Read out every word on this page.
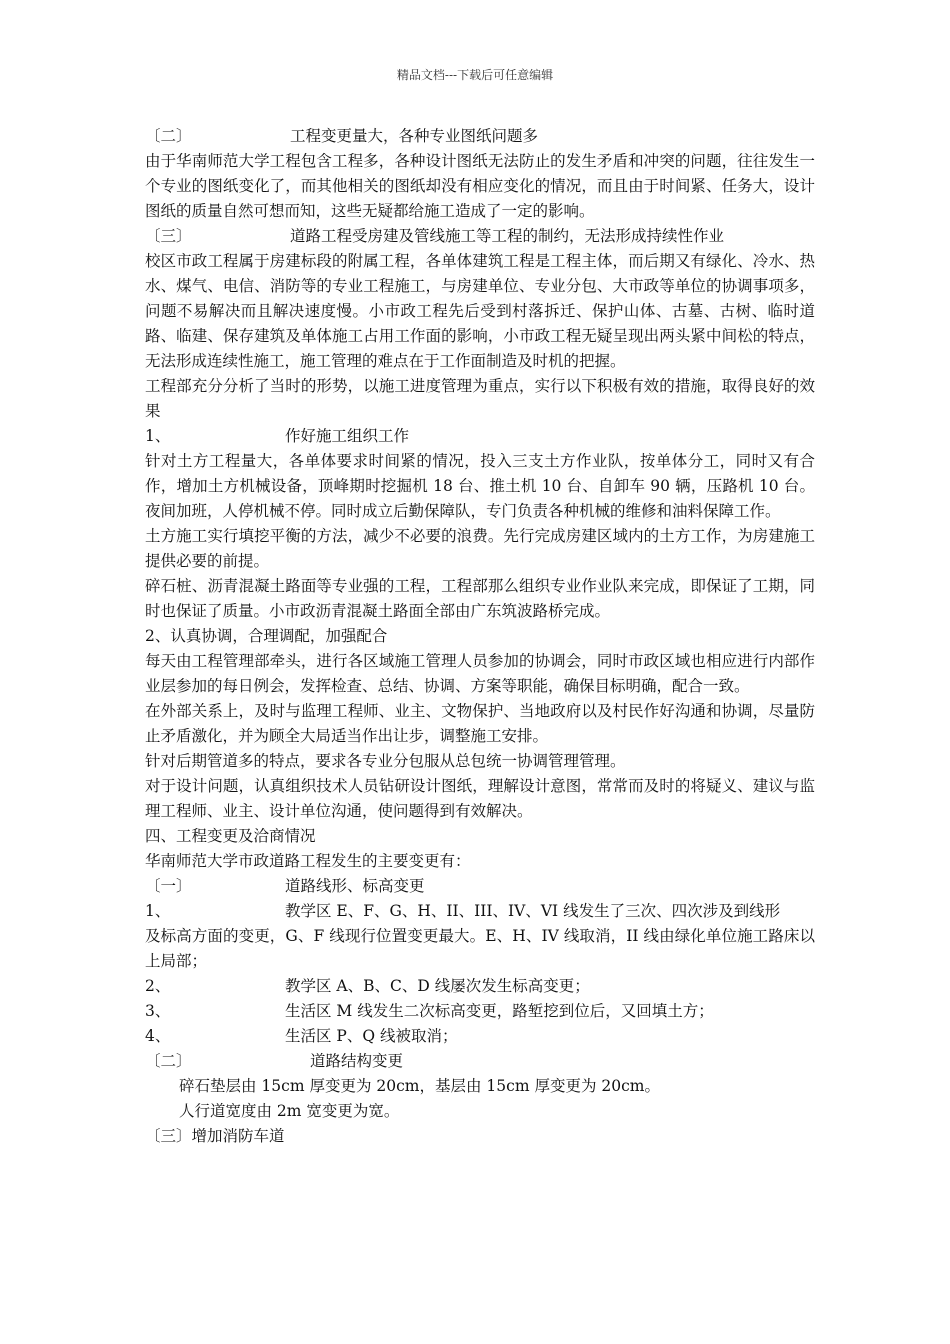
精品文档---下载后可任意编辑
〔二〕	工程变更量大，各种专业图纸问题多
由于华南师范大学工程包含工程多，各种设计图纸无法防止的发生矛盾和冲突的问题，往往发生一个专业的图纸变化了，而其他相关的图纸却没有相应变化的情况，而且由于时间紧、任务大，设计图纸的质量自然可想而知，这些无疑都给施工造成了一定的影响。
〔三〕	道路工程受房建及管线施工等工程的制约，无法形成持续性作业
校区市政工程属于房建标段的附属工程，各单体建筑工程是工程主体，而后期又有绿化、冷水、热水、煤气、电信、消防等的专业工程施工，与房建单位、专业分包、大市政等单位的协调事项多，问题不易解决而且解决速度慢。小市政工程先后受到村落拆迁、保护山体、古墓、古树、临时道路、临建、保存建筑及单体施工占用工作面的影响，小市政工程无疑呈现出两头紧中间松的特点，无法形成连续性施工，施工管理的难点在于工作面制造及时机的把握。
工程部充分分析了当时的形势，以施工进度管理为重点，实行以下积极有效的措施，取得良好的效果
1、	作好施工组织工作
针对土方工程量大，各单体要求时间紧的情况，投入三支土方作业队，按单体分工，同时又有合作，增加土方机械设备，顶峰期时挖掘机 18 台、推土机 10 台、自卸车 90 辆，压路机 10 台。夜间加班，人停机械不停。同时成立后勤保障队，专门负责各种机械的维修和油料保障工作。
土方施工实行填挖平衡的方法，减少不必要的浪费。先行完成房建区域内的土方工作，为房建施工提供必要的前提。
碎石桩、沥青混凝土路面等专业强的工程，工程部那么组织专业作业队来完成，即保证了工期，同时也保证了质量。小市政沥青混凝土路面全部由广东筑波路桥完成。
2、认真协调，合理调配，加强配合
每天由工程管理部牵头，进行各区域施工管理人员参加的协调会，同时市政区域也相应进行内部作业层参加的每日例会，发挥检查、总结、协调、方案等职能，确保目标明确，配合一致。
在外部关系上，及时与监理工程师、业主、文物保护、当地政府以及村民作好沟通和协调，尽量防止矛盾激化，并为顾全大局适当作出让步，调整施工安排。
针对后期管道多的特点，要求各专业分包服从总包统一协调管理管理。
对于设计问题，认真组织技术人员钻研设计图纸，理解设计意图，常常而及时的将疑义、建议与监理工程师、业主、设计单位沟通，使问题得到有效解决。
四、工程变更及洽商情况
华南师范大学市政道路工程发生的主要变更有：
〔一〕	道路线形、标高变更
1、	教学区 E、F、G、H、II、III、IV、VI 线发生了三次、四次涉及到线形
及标高方面的变更，G、F 线现行位置变更最大。E、H、IV 线取消，II 线由绿化单位施工路床以上局部；
2、	教学区 A、B、C、D 线屡次发生标高变更；
3、	生活区 M 线发生二次标高变更，路堑挖到位后，又回填土方；
4、	生活区 P、Q 线被取消；
〔二〕	道路结构变更
碎石垫层由 15cm 厚变更为 20cm，基层由 15cm 厚变更为 20cm。
人行道宽度由 2m 宽变更为宽。
〔三〕增加消防车道
